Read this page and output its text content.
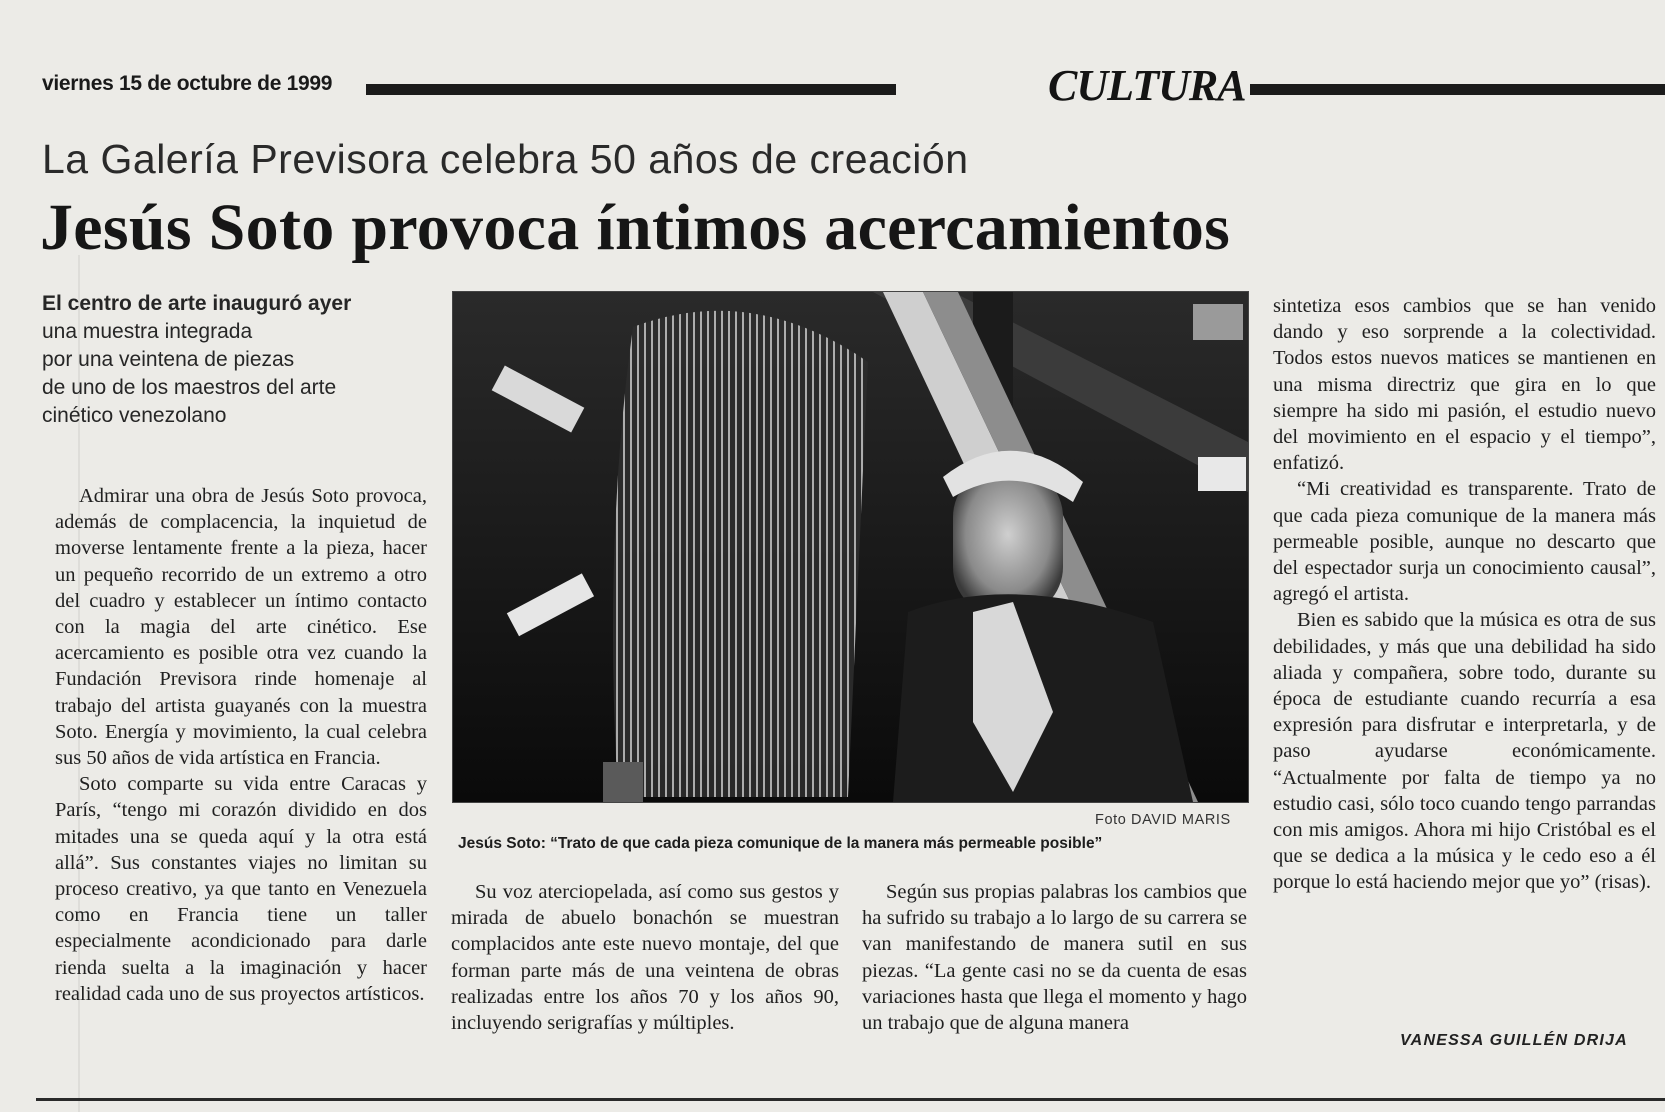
viernes 15 de octubre de 1999	CULTURA
La Galería Previsora celebra 50 años de creación
Jesús Soto provoca íntimos acercamientos
El centro de arte inauguró ayer
una muestra integrada
por una veintena de piezas
de uno de los maestros del arte
cinético venezolano

Admirar una obra de Jesús Soto provoca, además de complacencia, la inquietud de moverse lentamente frente a la pieza, hacer un pequeño recorrido de un extremo a otro del cuadro y establecer un íntimo contacto con la magia del arte cinético. Ese acercamiento es posible otra vez cuando la Fundación Previsora rinde homenaje al trabajo del artista guayanés con la muestra Soto. Energía y movimiento, la cual celebra sus 50 años de vida artística en Francia.

Soto comparte su vida entre Caracas y París, “tengo mi corazón dividido en dos mitades una se queda aquí y la otra está allá”. Sus constantes viajes no limitan su proceso creativo, ya que tanto en Venezuela como en Francia tiene un taller especialmente acondicionado para darle rienda suelta a la imaginación y hacer realidad cada uno de sus proyectos artísticos.

Foto DAVID MARIS
Jesús Soto: “Trato de que cada pieza comunique de la manera más permeable posible”

Su voz aterciopelada, así como sus gestos y mirada de abuelo bonachón se muestran complacidos ante este nuevo montaje, del que forman parte más de una veintena de obras realizadas entre los años 70 y los años 90, incluyendo serigrafías y múltiples.

Según sus propias palabras los cambios que ha sufrido su trabajo a lo largo de su carrera se van manifestando de manera sutil en sus piezas. “La gente casi no se da cuenta de esas variaciones hasta que llega el momento y hago un trabajo que de alguna manera

sintetiza esos cambios que se han venido dando y eso sorprende a la colectividad. Todos estos nuevos matices se mantienen en una misma directriz que gira en lo que siempre ha sido mi pasión, el estudio nuevo del movimiento en el espacio y el tiempo”, enfatizó.

“Mi creatividad es transparente. Trato de que cada pieza comunique de la manera más permeable posible, aunque no descarto que del espectador surja un conocimiento causal”, agregó el artista.

Bien es sabido que la música es otra de sus debilidades, y más que una debilidad ha sido aliada y compañera, sobre todo, durante su época de estudiante cuando recurría a esa expresión para disfrutar e interpretarla, y de paso ayudarse económicamente. “Actualmente por falta de tiempo ya no estudio casi, sólo toco cuando tengo parrandas con mis amigos. Ahora mi hijo Cristóbal es el que se dedica a la música y le cedo eso a él porque lo está haciendo mejor que yo” (risas).

VANESSA GUILLÉN DRIJA
